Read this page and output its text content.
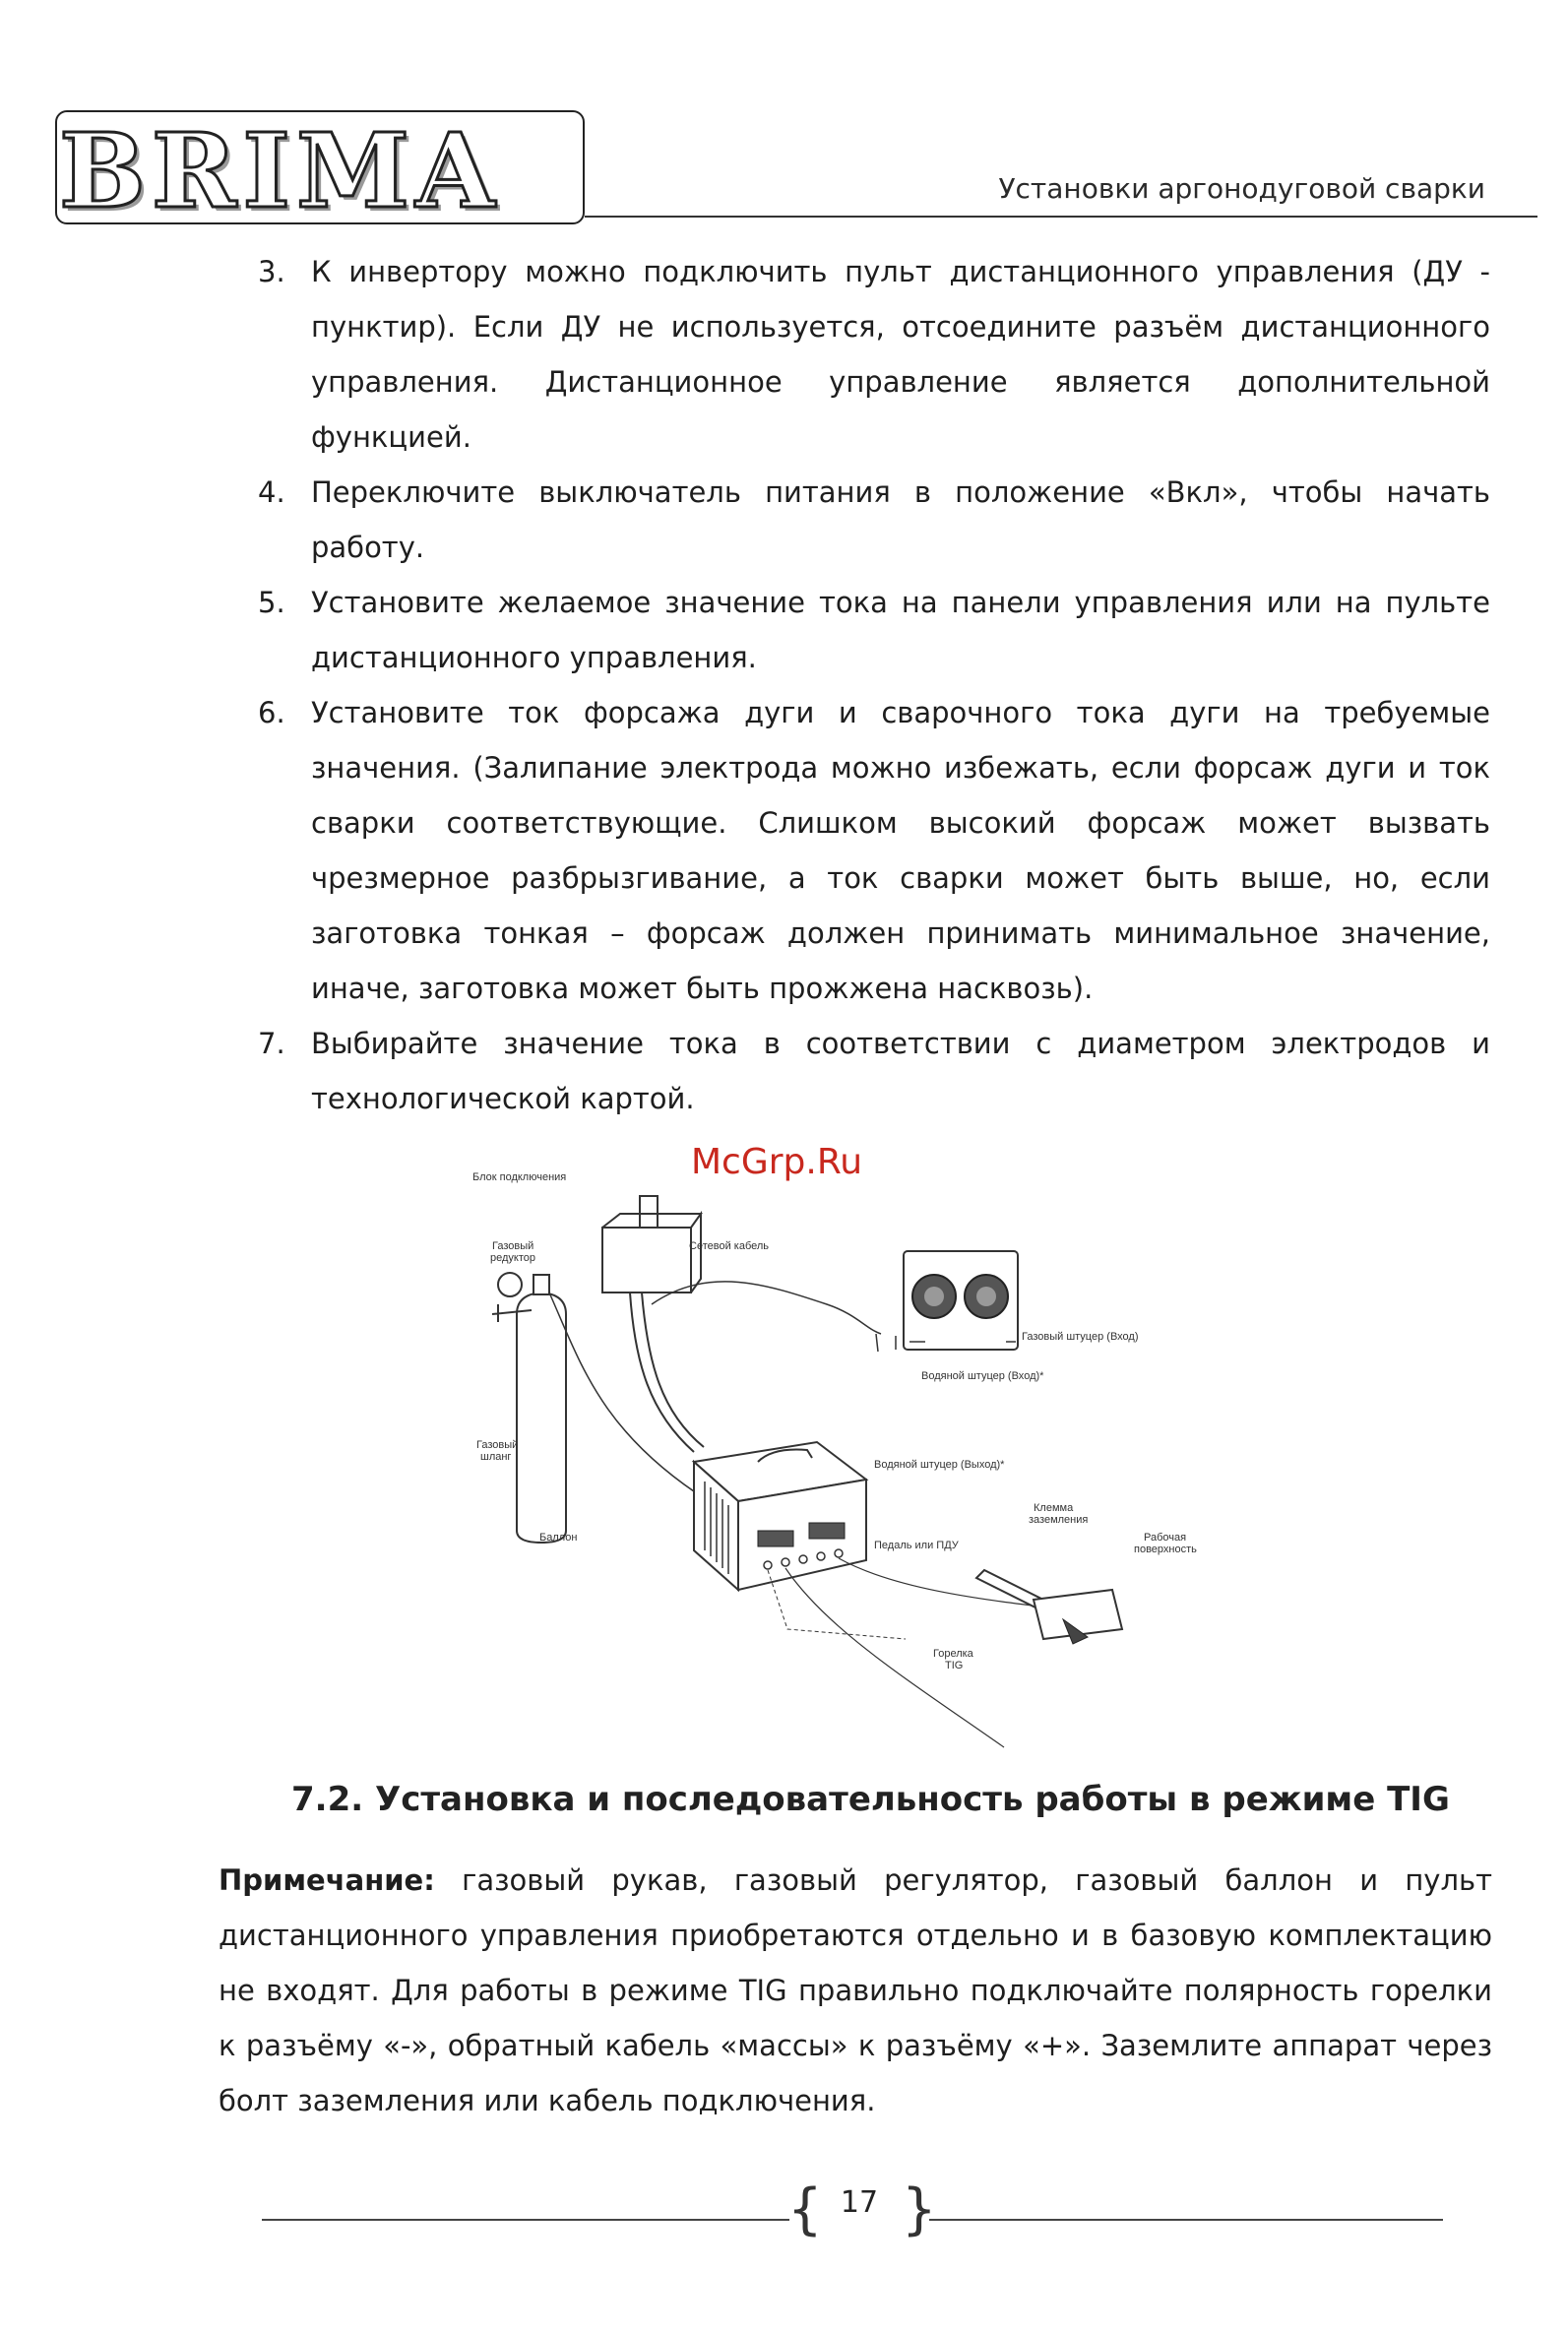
BRIMA	Установки аргонодуговой сварки
3. К инвертору можно подключить пульт дистанционного управления (ДУ - пунктир). Если ДУ не используется, отсоедините разъём дистанционного управления. Дистанционное управление является дополнительной функцией.
4. Переключите выключатель питания в положение «Вкл», чтобы начать работу.
5. Установите желаемое значение тока на панели управления или на пульте дистанционного управления.
6. Установите ток форсажа дуги и сварочного тока дуги на требуемые значения. (Залипание электрода можно избежать, если форсаж дуги и ток сварки соответствующие. Слишком высокий форсаж может вызвать чрезмерное разбрызгивание, а ток сварки может быть выше, но, если заготовка тонкая – форсаж должен принимать минимальное значение, иначе, заготовка может быть прожжена насквозь).
7. Выбирайте значение тока в соответствии с диаметром электродов и технологической картой.
McGrp.Ru
Блок подключения
Газовый
редуктор
Сетевой кабель
Газовый штуцер (Вход)
Водяной штуцер (Вход)*
Газовый
шланг
Водяной штуцер (Выход)*
Баллон
Педаль или ПДУ
Клемма
заземления
Рабочая
поверхность
Горелка
TIG
7.2. Установка и последовательность работы в режиме TIG

Примечание: газовый рукав, газовый регулятор, газовый баллон и пульт дистанционного управления приобретаются отдельно и в базовую комплектацию не входят. Для работы в режиме TIG правильно подключайте полярность горелки к разъёму «-», обратный кабель «массы» к разъёму «+». Заземлите аппарат через болт заземления или кабель подключения.

{ 17 }
